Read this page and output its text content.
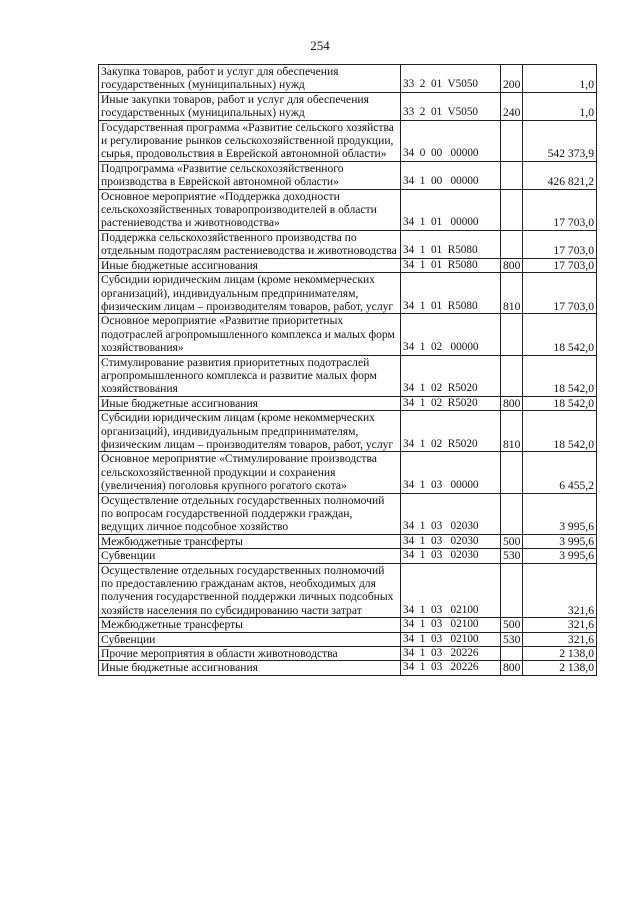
254
Закупка товаров, работ и услуг для обеспечения государственных (муниципальных) нужд	33  2  01  V5050	200	1,0
Иные закупки товаров, работ и услуг для обеспечения государственных (муниципальных) нужд	33  2  01  V5050	240	1,0
Государственная программа «Развитие сельского хозяйства и регулирование рынков сельскохозяйственной продукции, сырья, продовольствия в Еврейской автономной области»	34  0  00   00000		542 373,9
Подпрограмма «Развитие сельскохозяйственного производства в Еврейской автономной области»	34  1  00   00000		426 821,2
Основное мероприятие «Поддержка доходности сельскохозяйственных товаропроизводителей в области растениеводства и животноводства»	34  1  01   00000		17 703,0
Поддержка сельскохозяйственного производства по отдельным подотраслям растениеводства и животноводства	34  1  01  R5080		17 703,0
Иные бюджетные ассигнования	34  1  01  R5080	800	17 703,0
Субсидии юридическим лицам (кроме некоммерческих организаций), индивидуальным предпринимателям, физическим лицам – производителям товаров, работ, услуг	34  1  01  R5080	810	17 703,0
Основное мероприятие «Развитие приоритетных подотраслей агропромышленного комплекса и малых форм хозяйствования»	34  1  02   00000		18 542,0
Стимулирование развития приоритетных подотраслей агропромышленного комплекса и развитие малых форм хозяйствования	34  1  02  R5020		18 542,0
Иные бюджетные ассигнования	34  1  02  R5020	800	18 542,0
Субсидии юридическим лицам (кроме некоммерческих организаций), индивидуальным предпринимателям, физическим лицам – производителям товаров, работ, услуг	34  1  02  R5020	810	18 542,0
Основное мероприятие «Стимулирование производства сельскохозяйственной продукции и сохранения (увеличения) поголовья крупного рогатого скота»	34  1  03   00000		6 455,2
Осуществление отдельных государственных полномочий по вопросам государственной поддержки граждан, ведущих личное подсобное хозяйство	34  1  03   02030		3 995,6
Межбюджетные трансферты	34  1  03   02030	500	3 995,6
Субвенции	34  1  03   02030	530	3 995,6
Осуществление отдельных государственных полномочий по предоставлению гражданам актов, необходимых для получения государственной поддержки личных подсобных хозяйств населения по субсидированию части затрат	34  1  03   02100		321,6
Межбюджетные трансферты	34  1  03   02100	500	321,6
Субвенции	34  1  03   02100	530	321,6
Прочие мероприятия в области животноводства	34  1  03   20226		2 138,0
Иные бюджетные ассигнования	34  1  03   20226	800	2 138,0
